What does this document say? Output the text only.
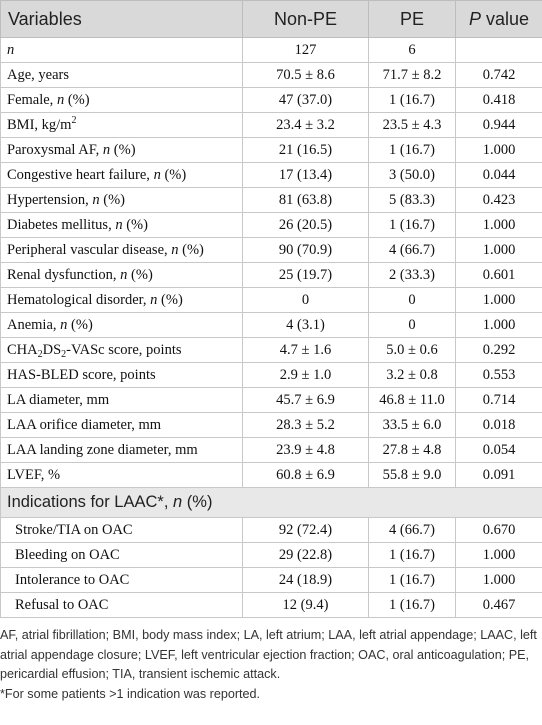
Variables	Non-PE	PE	P value
n	127	6	
Age, years	70.5 ± 8.6	71.7 ± 8.2	0.742
Female, n (%)	47 (37.0)	1 (16.7)	0.418
BMI, $kg/m^2$	23.4 ± 3.2	23.5 ± 4.3	0.944
Paroxysmal AF, n (%)	21 (16.5)	1 (16.7)	1.000
Congestive heart failure, n (%)	17 (13.4)	3 (50.0)	0.044
Hypertension, n (%)	81 (63.8)	5 (83.3)	0.423
Diabetes mellitus, n (%)	26 (20.5)	1 (16.7)	1.000
Peripheral vascular disease, n (%)	90 (70.9)	4 (66.7)	1.000
Renal dysfunction, n (%)	25 (19.7)	2 (33.3)	0.601
Hematological disorder, n (%)	0	0	1.000
Anemia, n (%)	4 (3.1)	0	1.000
$CHA_2DS_2$-VASc score, points	4.7 ± 1.6	5.0 ± 0.6	0.292
HAS-BLED score, points	2.9 ± 1.0	3.2 ± 0.8	0.553
LA diameter, mm	45.7 ± 6.9	46.8 ± 11.0	0.714
LAA orifice diameter, mm	28.3 ± 5.2	33.5 ± 6.0	0.018
LAA landing zone diameter, mm	23.9 ± 4.8	27.8 ± 4.8	0.054
LVEF, %	60.8 ± 6.9	55.8 ± 9.0	0.091
Indications for LAAC*, n (%)			
Stroke/TIA on OAC	92 (72.4)	4 (66.7)	0.670
Bleeding on OAC	29 (22.8)	1 (16.7)	1.000
Intolerance to OAC	24 (18.9)	1 (16.7)	1.000
Refusal to OAC	12 (9.4)	1 (16.7)	0.467

AF, atrial fibrillation; BMI, body mass index; LA, left atrium; LAA, left atrial appendage; LAAC, left atrial appendage closure; LVEF, left ventricular ejection fraction; OAC, oral anticoagulation; PE, pericardial effusion; TIA, transient ischemic attack.

*For some patients >1 indication was reported.
